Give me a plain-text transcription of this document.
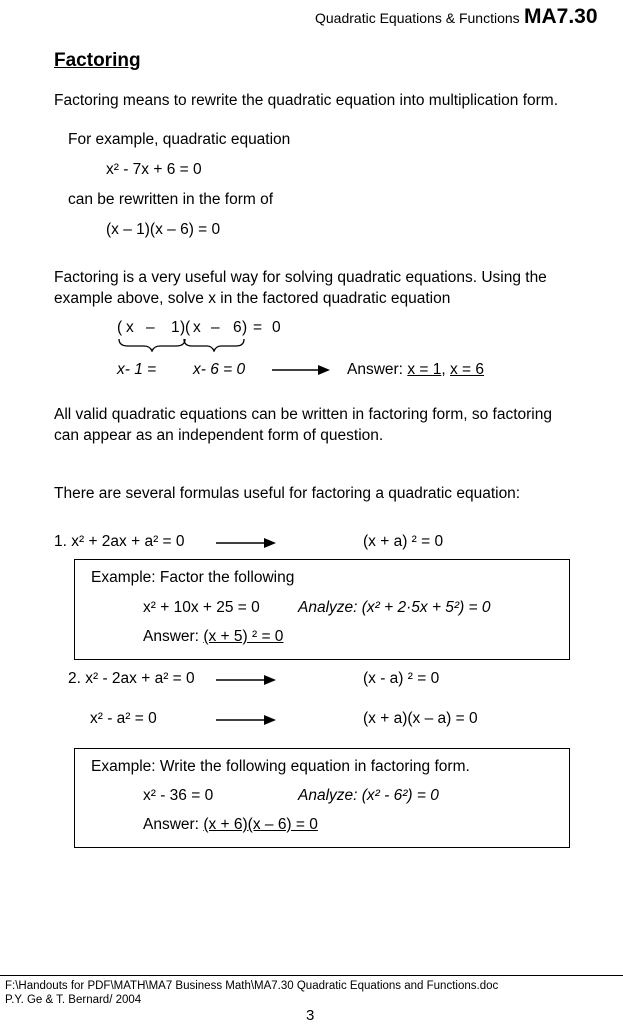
Quadratic Equations & Functions MA7.30
Factoring
Factoring means to rewrite the quadratic equation into multiplication form.
For example, quadratic equation
x² - 7x + 6 = 0
can be rewritten in the form of
(x – 1)(x – 6) = 0
Factoring is a very useful way for solving quadratic equations. Using the
example above, solve x in the factored quadratic equation
( x – 1 ) ( x – 6 ) = 0
x- 1 = x- 6 = 0	Answer: x = 1, x = 6
All valid quadratic equations can be written in factoring form, so factoring
can appear as an independent form of question.
There are several formulas useful for factoring a quadratic equation:
1. x² + 2ax + a² = 0	(x + a) ² = 0
Example: Factor the following
x² + 10x + 25 = 0 Analyze: (x² + 2·5x + 5²) = 0
Answer: (x + 5) ² = 0
2. x² - 2ax + a² = 0	(x - a) ² = 0
x² - a² = 0	(x + a)(x – a) = 0
Example: Write the following equation in factoring form.
x² - 36 = 0	Analyze: (x² - 6²) = 0
Answer: (x + 6)(x – 6) = 0
F:\Handouts for PDF\MATH\MA7 Business Math\MA7.30 Quadratic Equations and Functions.doc
P.Y. Ge & T. Bernard/ 2004
3
